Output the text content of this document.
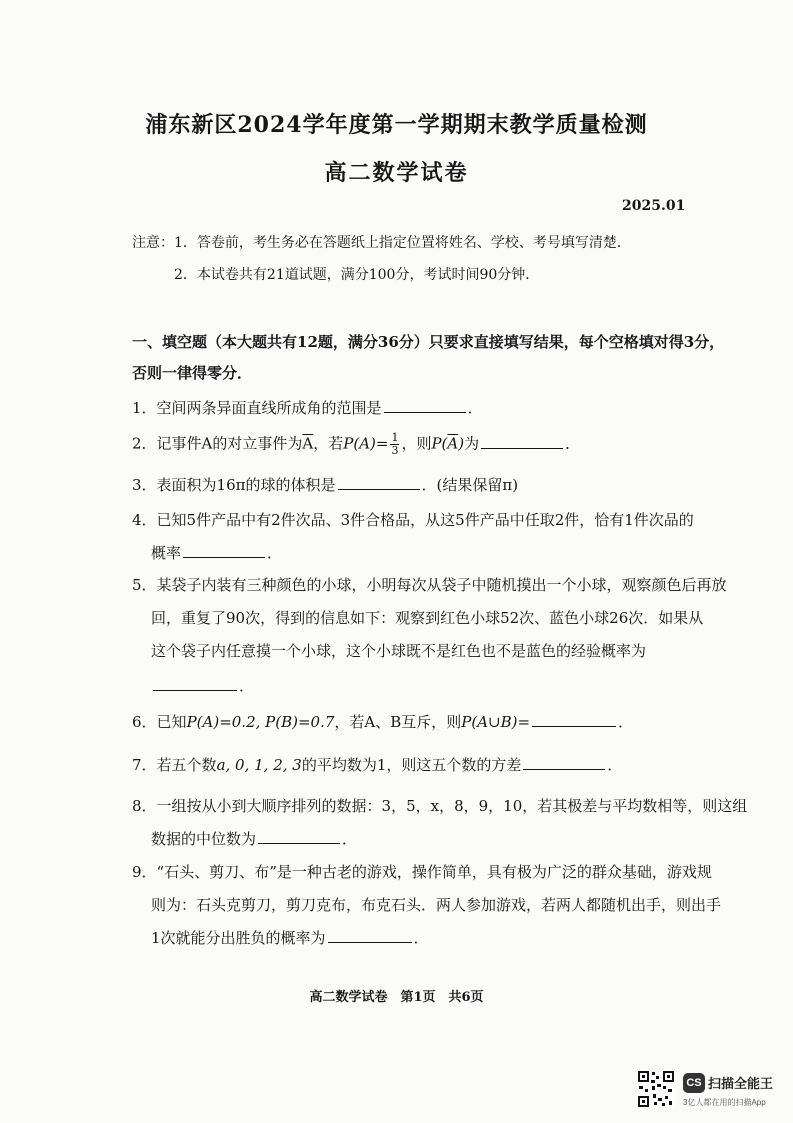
浦东新区2024学年度第一学期期末教学质量检测
高二数学试卷
2025.01
注意：1．答卷前，考生务必在答题纸上指定位置将姓名、学校、考号填写清楚．
2．本试卷共有21道试题，满分100分，考试时间90分钟．
一、填空题（本大题共有12题，满分36分）只要求直接填写结果，每个空格填对得3分，
否则一律得零分．
1．空间两条异面直线所成角的范围是	．
2．记事件A的对立事件为$\overline{A}$，若$P(A)= \frac{1}{3}$ ，则$P(\overline{A})$为	．
3．表面积为16π的球的体积是	．(结果保留π)
4．已知5件产品中有2件次品、3件合格品，从这5件产品中任取2件，恰有1件次品的
概率	．
5．某袋子内装有三种颜色的小球，小明每次从袋子中随机摸出一个小球，观察颜色后再放
回，重复了90次，得到的信息如下：观察到红色小球52次、蓝色小球26次．如果从
这个袋子内任意摸一个小球，这个小球既不是红色也不是蓝色的经验概率为
．
6．已知P(A)=0.2, P(B)=0.7，若A、B互斥，则P(A∪B)=	．
7．若五个数a, 0, 1, 2, 3的平均数为1，则这五个数的方差	．
8．一组按从小到大顺序排列的数据：3，5，x，8，9，10，若其极差与平均数相等，则这组
数据的中位数为	．
9．“石头、剪刀、布”是一种古老的游戏，操作简单，具有极为广泛的群众基础，游戏规
则为：石头克剪刀，剪刀克布，布克石头．两人参加游戏，若两人都随机出手，则出手
1次就能分出胜负的概率为	．
高二数学试卷　第1页　共6页
CS 扫描全能王
3亿人都在用的扫描App
